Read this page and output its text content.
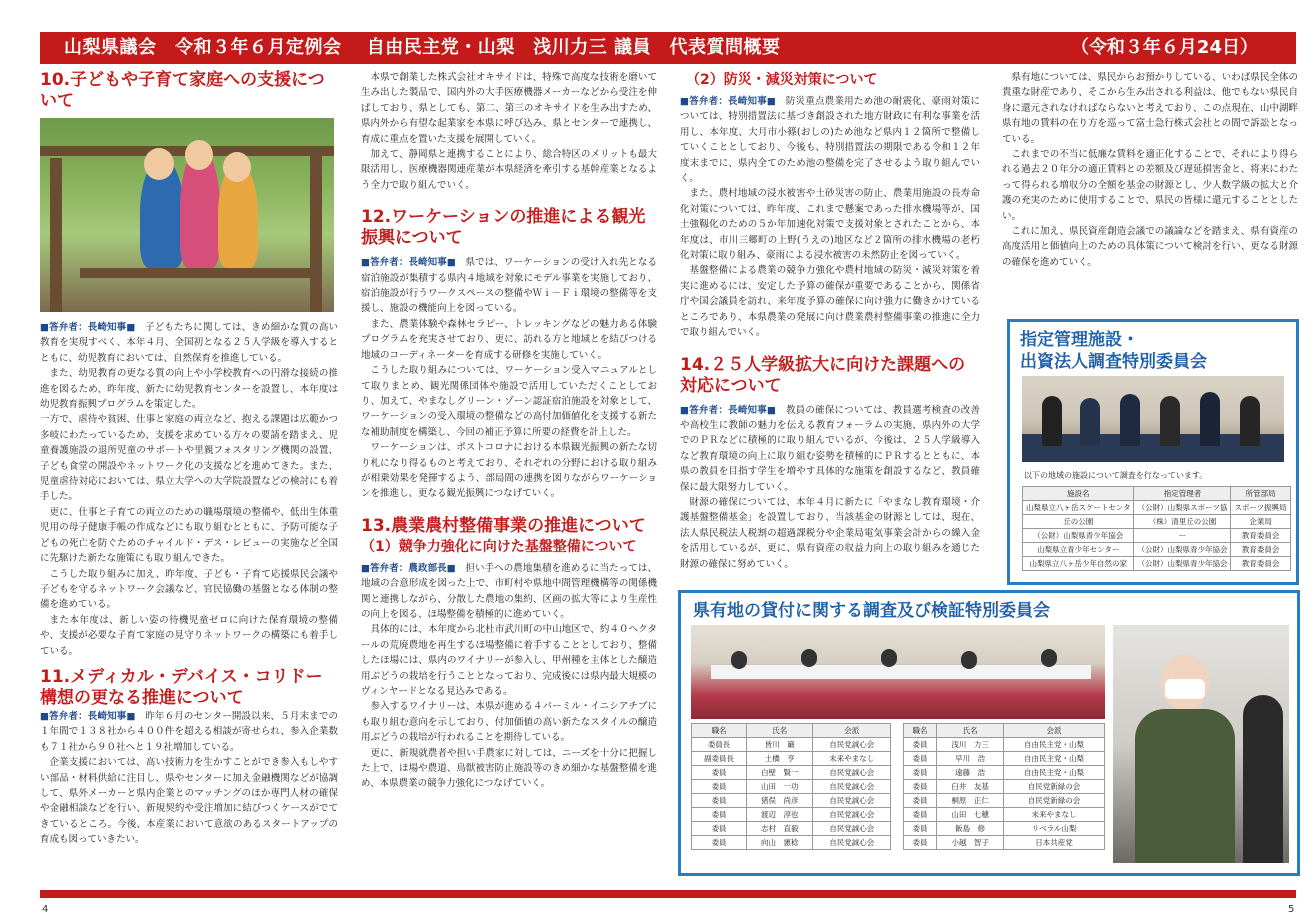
山梨県議会　令和３年６月定例会　 自由民主党・山梨　浅川力三 議員　代表質問概要	（令和３年６月24日）
10.子どもや子育て家庭への支援について

■答弁者：長崎知事■　 子どもたちに関しては、きめ細かな質の高い教育を実現すべく、本年４月、全国初となる２５人学級を導入するとともに、幼児教育においては、自然保育を推進している。

また、幼児教育の更なる質の向上や小学校教育への円滑な接続の推進を図るため、昨年度、新たに幼児教育センターを設置し、本年度は幼児教育振興プログラムを策定した。

一方で、虐待や貧困、仕事と家庭の両立など、抱える課題は広範かつ多岐にわたっているため、支援を求めている方々の要請を踏まえ、児童養護施設の退所児童のサポートや里親フォスタリング機関の設置、子ども食堂の開設やネットワーク化の支援などを進めてきた。また、児童虐待対応においては、県立大学への大学院設置などの検討にも着手した。

更に、仕事と子育ての両立のための職場環境の整備や、低出生体重児用の母子健康手帳の作成などにも取り組むとともに、予防可能な子どもの死亡を防ぐためのチャイルド・デス・レビューの実施など全国に先駆けた新たな施策にも取り組んできた。

こうした取り組みに加え、昨年度、子ども・子育て応援県民会議や子どもを守るネットワーク会議など、官民協働の基盤となる体制の整備を進めている。

また本年度は、新しい姿の待機児童ゼロに向けた保育環境の整備や、支援が必要な子育て家庭の見守りネットワークの構築にも着手している。

11.メディカル・デバイス・コリドー構想の更なる推進について

■答弁者：長崎知事■　 昨年６月のセンター開設以来、５月末までの１年間で１３８社から４００件を超える相談が寄せられ、参入企業数も７１社から９０社へと１９社増加している。

企業支援においては、高い技術力を生かすことができ参入もしやすい部品・材料供給に注目し、県やセンターに加え金融機関などが協調して、県外メーカーと県内企業とのマッチングのほか専門人材の確保や金融相談などを行い、新規契約や受注増加に結びつくケースがでてきているところ。今後、本産業において意欲のあるスタートアップの育成も図っていきたい。

本県で創業した株式会社オキサイドは、特殊で高度な技術を磨いて生み出した製品で、国内外の大手医療機器メーカーなどから受注を伸ばしており、県としても、第二、第三のオキサイドを生み出すため、県内外から有望な起業家を本県に呼び込み、県とセンターで連携し、育成に重点を置いた支援を展開していく。

加えて、静岡県と連携することにより、総合特区のメリットも最大限活用し、医療機器関連産業が本県経済を牽引する基幹産業となるよう全力で取り組んでいく。

12.ワーケーションの推進による観光振興について

■答弁者：長崎知事■　 県では、ワーケーションの受け入れ先となる宿泊施設が集積する県内４地域を対象にモデル事業を実施しており、宿泊施設が行うワークスペースの整備やＷｉ－Ｆｉ環境の整備等を支援し、施設の機能向上を図っている。

また、農業体験や森林セラピー、トレッキングなどの魅力ある体験プログラムを充実させており、更に、訪れる方と地域とを結びつける地域のコーディネーターを育成する研修を実施していく。

こうした取り組みについては、ワーケーション受入マニュアルとして取りまとめ、観光関係団体や施設で活用していただくことしており、加えて、やまなしグリーン・ゾーン認証宿泊施設を対象として、ワーケーションの受入環境の整備などの高付加価値化を支援する新たな補助制度を構築し、今回の補正予算に所要の経費を計上した。

ワーケーションは、ポストコロナにおける本県観光振興の新たな切り札になり得るものと考えており、それぞれの分野における取り組みが相乗効果を発揮するよう、部局間の連携を図りながらワーケーションを推進し、更なる観光振興につなげていく。

13.農業農村整備事業の推進について
（1）競争力強化に向けた基盤整備について

■答弁者：農政部長■　 担い手への農地集積を進めるに当たっては、地域の合意形成を図った上で、市町村や県地中間管理機構等の関係機関と連携しながら、分散した農地の集約、区画の拡大等により生産性の向上を図る、ほ場整備を積極的に進めていく。

具体的には、本年度から北杜市武川町の中山地区で、約４０ヘクタールの荒廃農地を再生するほ場整備に着手することとしており、整備したほ場には、県内のワイナリーが参入し、甲州種を主体とした醸造用ぶどうの栽培を行うこととなっており、完成後には県内最大規模のヴィンヤードとなる見込みである。

参入するワイナリーは、本県が進める４パーミル・イニシアチブにも取り組む意向を示しており、付加価値の高い新たなスタイルの醸造用ぶどうの栽培が行われることを期待している。

更に、新規就農者や担い手農家に対しては、ニーズを十分に把握した上で、ほ場や農道、鳥獣被害防止施設等のきめ細かな基盤整備を進め、本県農業の競争力強化につなげていく。

（2）防災・減災対策について

■答弁者：長崎知事■　 防災重点農業用ため池の耐震化、豪雨対策については、特別措置法に基づき創設された地方財政に有利な事業を活用し、本年度、大月市小篠(おしの)ため池など県内１２箇所で整備していくこととしており、今後も、特別措置法の期限である令和１２年度末までに、県内全てのため池の整備を完了させるよう取り組んでいく。

また、農村地域の浸水被害や土砂災害の防止、農業用施設の長寿命化対策については、昨年度、これまで懸案であった排水機場等が、国土強靱化のための５か年加速化対策で支援対象とされたことから、本年度は、市川三郷町の上野(うえの)地区など２箇所の排水機場の老朽化対策に取り組み、豪雨による浸水被害の未然防止を図っていく。

基盤整備による農業の競争力強化や農村地域の防災・減災対策を着実に進めるには、安定した予算の確保が重要であることから、関係省庁や国会議員を訪れ、来年度予算の確保に向け強力に働きかけているところであり、本県農業の発展に向け農業農村整備事業の推進に全力で取り組んでいく。

14.２５人学級拡大に向けた課題への対応について

■答弁者：長崎知事■　 教員の確保については、教員選考検査の改善や高校生に教師の魅力を伝える教育フォーラムの実施、県内外の大学でのＰＲなどに積極的に取り組んでいるが、今後は、２５人学級導入など教育環境の向上に取り組む姿勢を積極的にＰＲするとともに、本県の教員を目指す学生を増やす具体的な施策を創設するなど、教員確保に最大限努力していく。

財源の確保については、本年４月に新たに「やまなし教育環境・介護基盤整備基金」を設置しており、当該基金の財源としては、現在、法人県民税法人税割の超過課税分や企業局電気事業会計からの繰入金を活用しているが、更に、県有資産の収益力向上の取り組みを通じた財源の確保に努めていく。

県有地については、県民からお預かりしている、いわば県民全体の貴重な財産であり、そこから生み出される利益は、他でもない県民自身に還元されなければならないと考えており、この点現在、山中湖畔県有地の賃料の在り方を巡って富士急行株式会社との間で訴訟となっている。

これまでの不当に低廉な賃料を適正化することで、それにより得られる過去２０年分の適正賃料との差額及び遅延損害金と、将来にわたって得られる増収分の全額を基金の財源とし、少人数学級の拡大と介護の充実のために使用することで、県民の皆様に還元することとしたい。

これに加え、県民資産創造会議での議論などを踏まえ、県有資産の高度活用と価値向上のための具体策について検討を行い、更なる財源の確保を進めていく。

指定管理施設・
出資法人調査特別委員会
以下の地域の施設について調査を行なっています。
施設名	指定管理者	所管部局
山梨県立八ヶ岳スケートセンタ	（公財）山梨県スポーツ協	スポーツ振興局
丘の公園	（株）清里丘の公園	企業局
（公財）山梨県青少年協会	ー	教育委員会
山梨県立青少年センター	（公財）山梨県青少年協会	教育委員会
山梨県立八ヶ岳少年自然の家	（公財）山梨県青少年協会	教育委員会
県有地の貸付に関する調査及び検証特別委員会
職名	氏名	会派
委員長	皆川　巌	自民党誠心会
副委員長	土橋　亨	未来やまなし
委員	白壁　賢一	自民党誠心会
委員	山田　一功	自民党誠心会
委員	猪俣　尚彦	自民党誠心会
委員	渡辺　淳也	自民党誠心会
委員	志村　直毅	自民党誠心会
委員	向山　憲稔	自民党誠心会
職名	氏名	会派
委員	浅川　力三	自由民主党・山梨
委員	早川　浩	自由民主党・山梨
委員	遠藤　浩	自由民主党・山梨
委員	臼井　友基	自民党新緑の会
委員	桐原　正仁	自民党新緑の会
委員	山田　七穂	未来やまなし
委員	飯島　修	リベラル山梨
委員	小越　智子	日本共産党
4	5
